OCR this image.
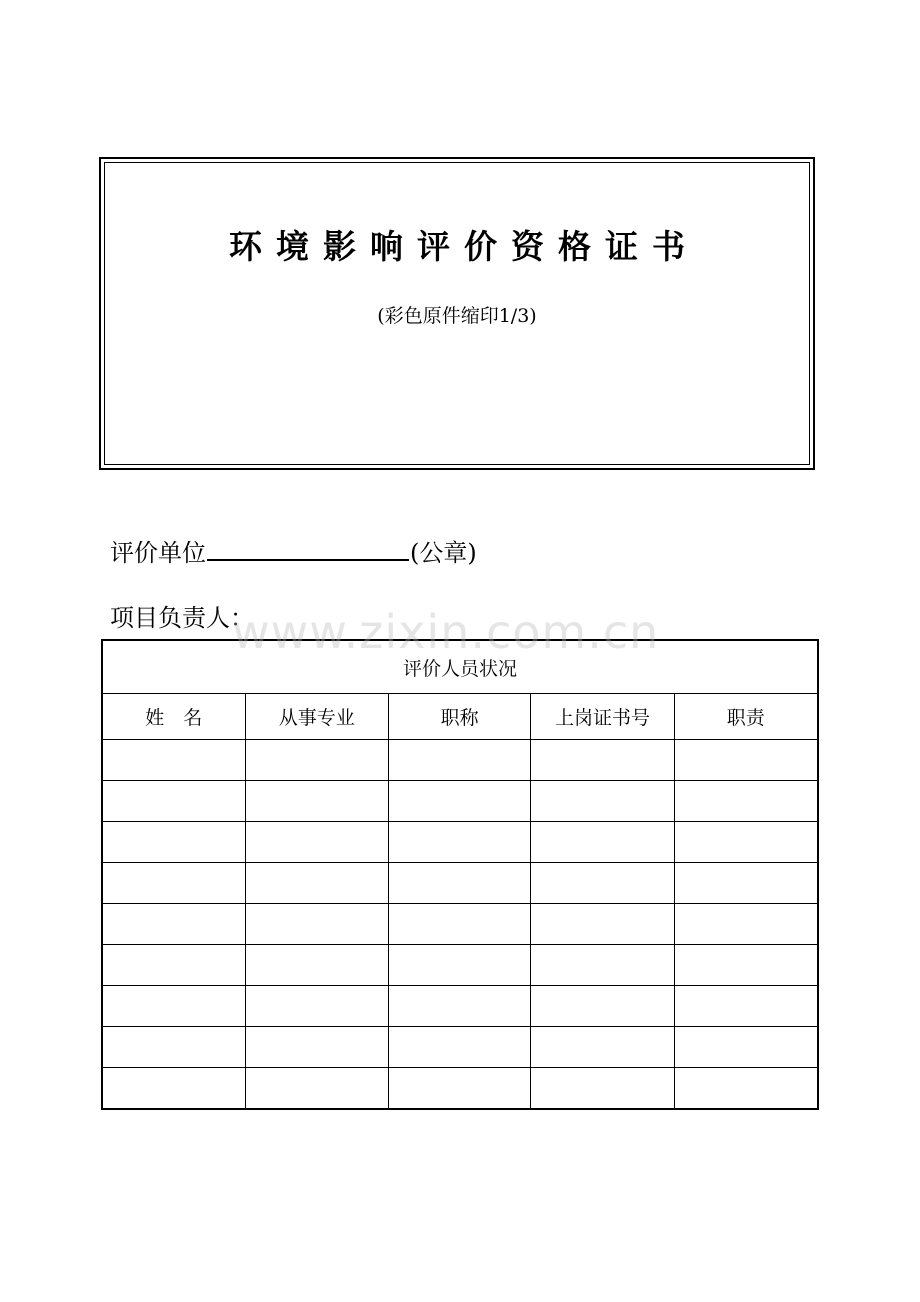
环境影响评价资格证书
(彩色原件缩印1/3)
评价单位	(公章)
项目负责人：
评价人员状况				
姓　名	从事专业	职称	上岗证书号	职责

www.zixin.com.cn
